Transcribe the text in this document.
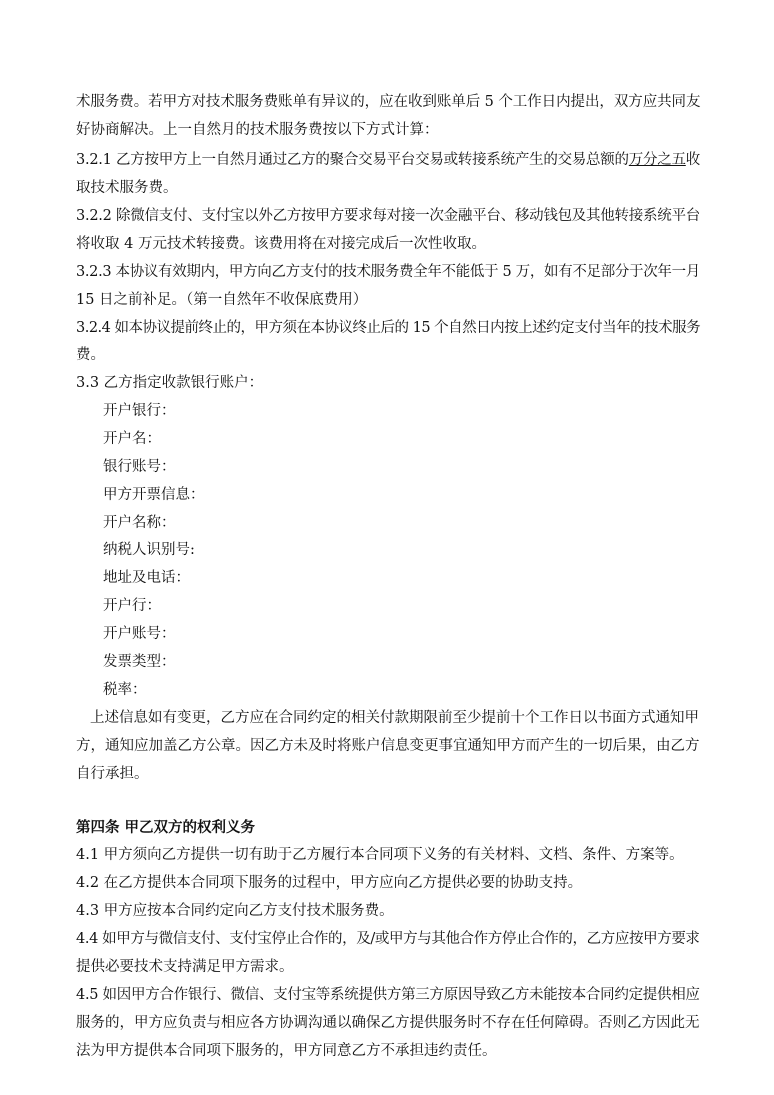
术服务费。若甲方对技术服务费账单有异议的，应在收到账单后 5 个工作日内提出，双方应共同友
好协商解决。上一自然月的技术服务费按以下方式计算：
3.2.1 乙方按甲方上一自然月通过乙方的聚合交易平台交易或转接系统产生的交易总额的万分之五收
取技术服务费。
3.2.2 除微信支付、支付宝以外乙方按甲方要求每对接一次金融平台、移动钱包及其他转接系统平台
将收取 4 万元技术转接费。该费用将在对接完成后一次性收取。
3.2.3 本协议有效期内，甲方向乙方支付的技术服务费全年不能低于 5 万，如有不足部分于次年一月
15 日之前补足。（第一自然年不收保底费用）
3.2.4 如本协议提前终止的，甲方须在本协议终止后的 15 个自然日内按上述约定支付当年的技术服务
费。
3.3 乙方指定收款银行账户：
开户银行：
开户名：
银行账号：
甲方开票信息：
开户名称：
纳税人识别号:
地址及电话：
开户行：
开户账号：
发票类型：
税率：
上述信息如有变更，乙方应在合同约定的相关付款期限前至少提前十个工作日以书面方式通知甲
方，通知应加盖乙方公章。因乙方未及时将账户信息变更事宜通知甲方而产生的一切后果，由乙方
自行承担。
第四条 甲乙双方的权利义务
4.1 甲方须向乙方提供一切有助于乙方履行本合同项下义务的有关材料、文档、条件、方案等。
4.2 在乙方提供本合同项下服务的过程中，甲方应向乙方提供必要的协助支持。
4.3 甲方应按本合同约定向乙方支付技术服务费。
4.4 如甲方与微信支付、支付宝停止合作的，及/或甲方与其他合作方停止合作的，乙方应按甲方要求
提供必要技术支持满足甲方需求。
4.5 如因甲方合作银行、微信、支付宝等系统提供方第三方原因导致乙方未能按本合同约定提供相应
服务的，甲方应负责与相应各方协调沟通以确保乙方提供服务时不存在任何障碍。否则乙方因此无
法为甲方提供本合同项下服务的，甲方同意乙方不承担违约责任。
